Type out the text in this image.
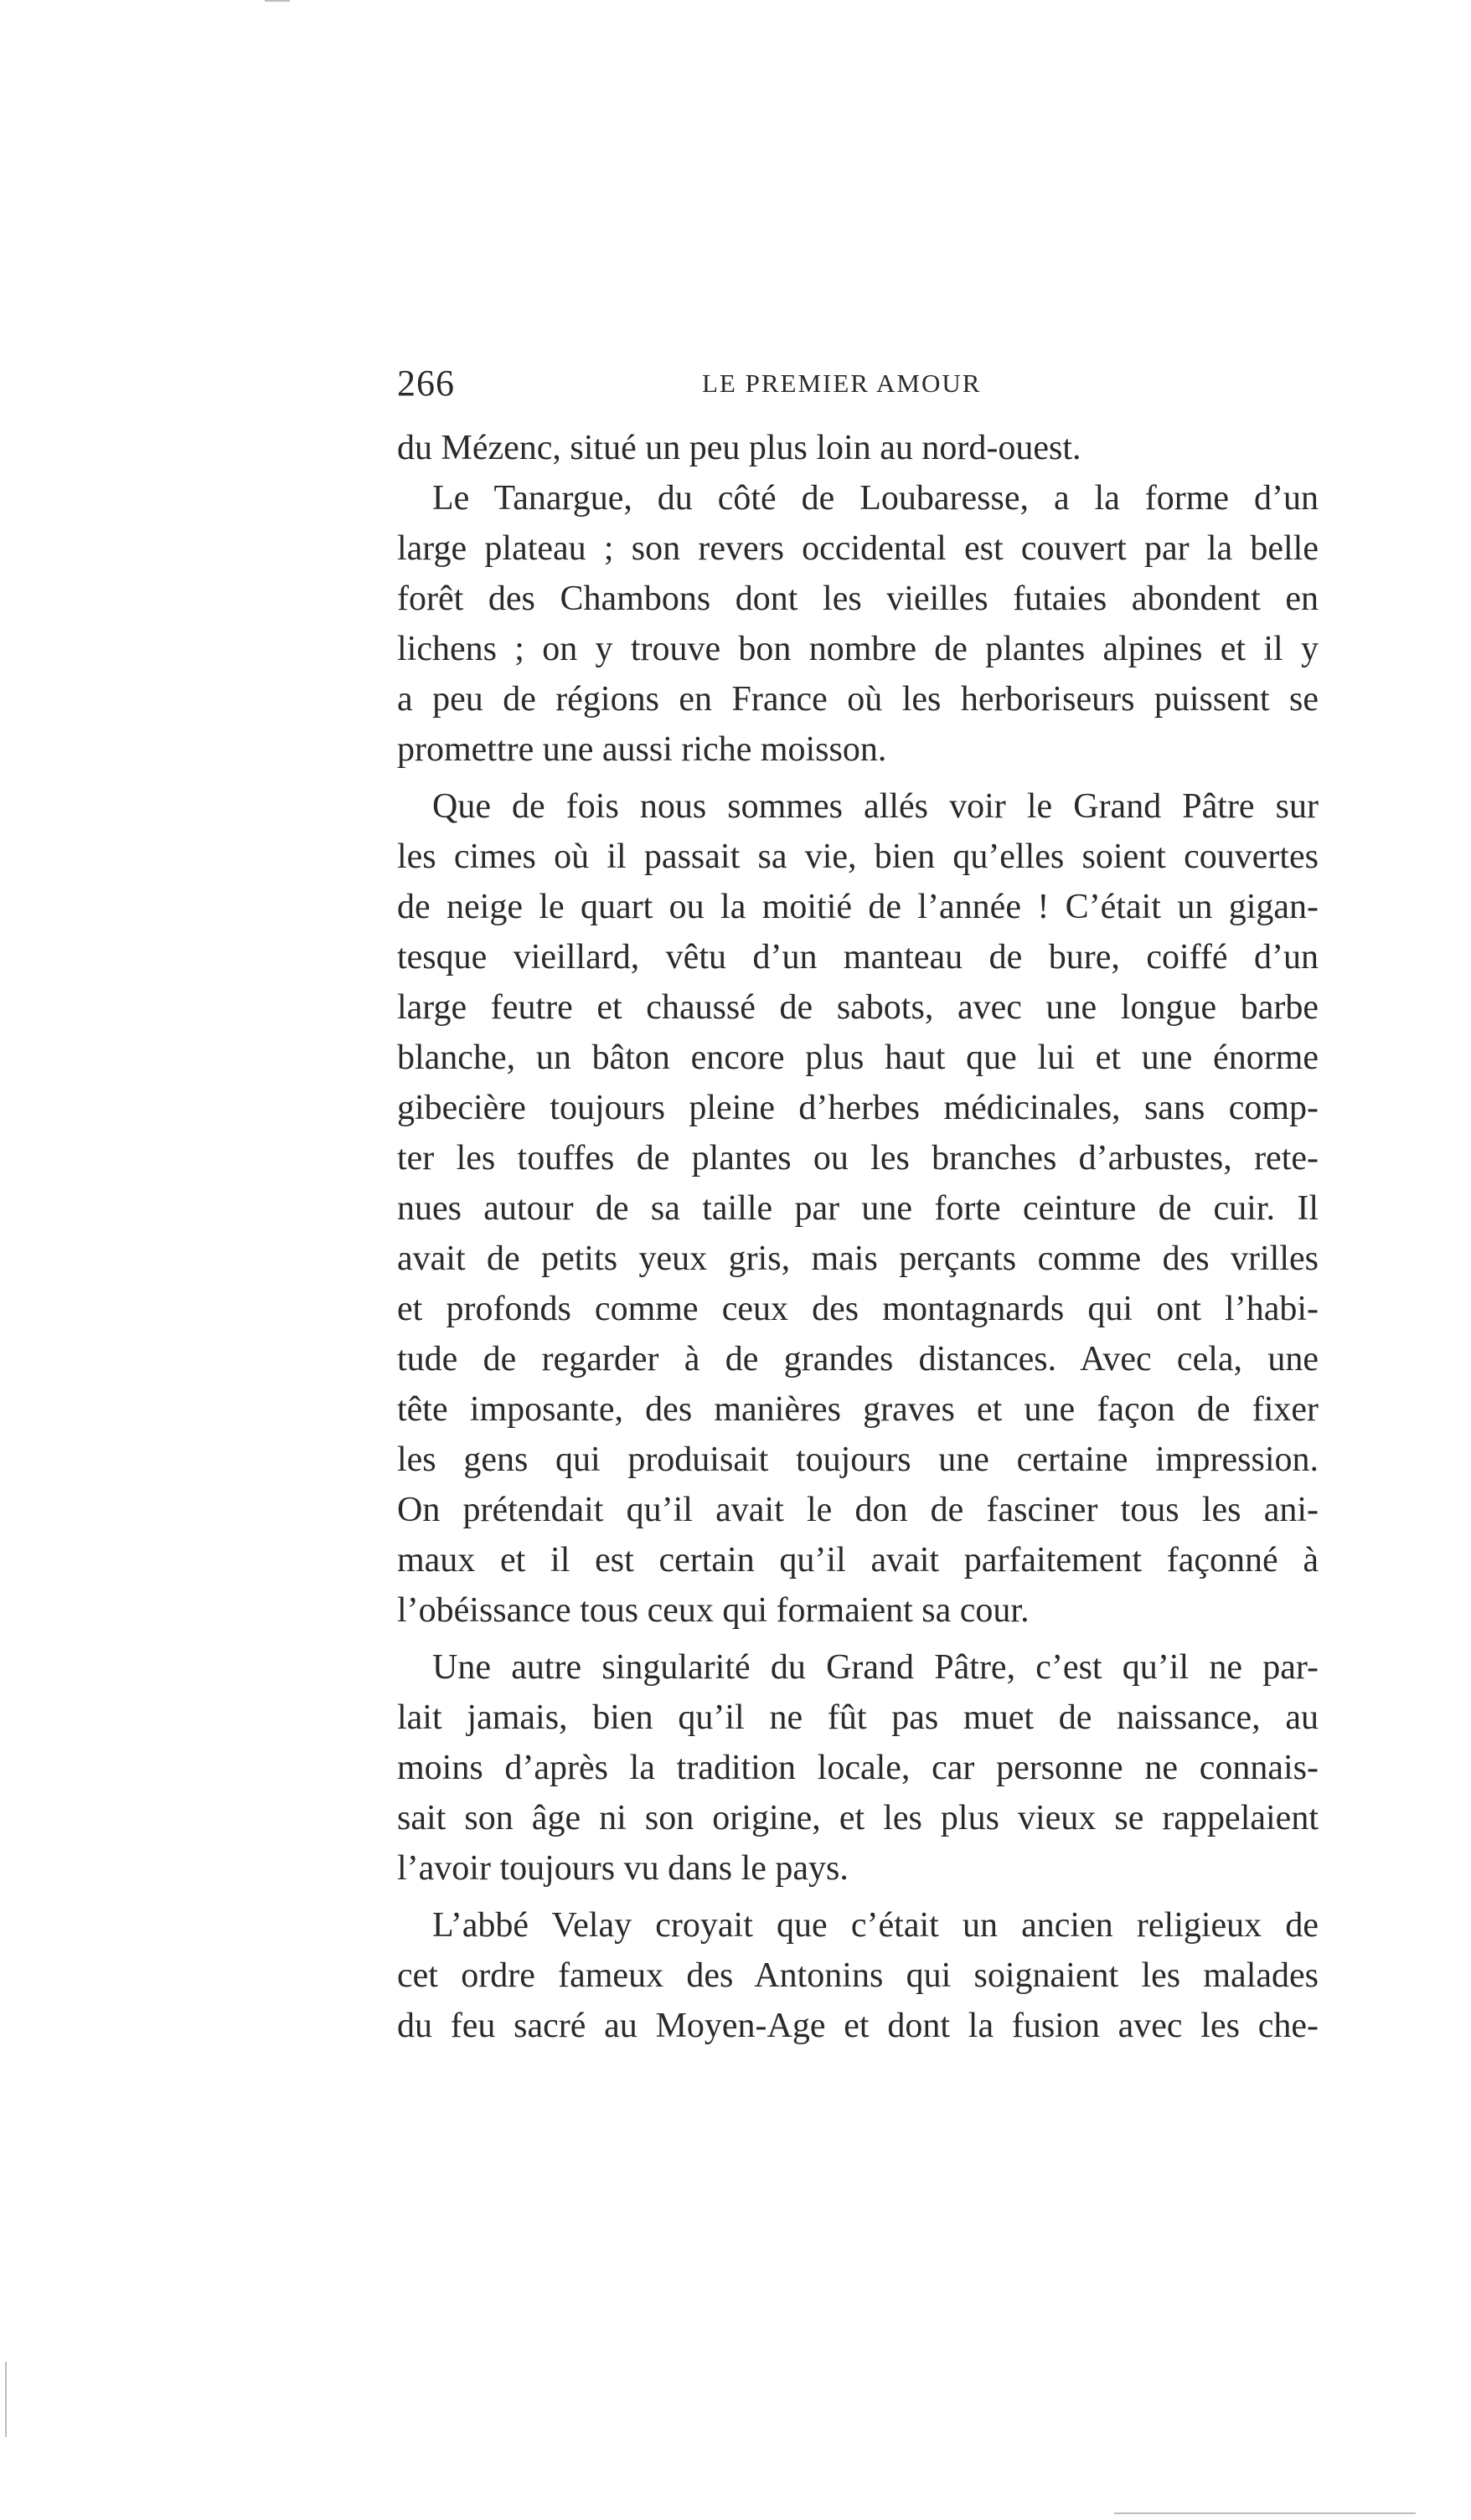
266	LE PREMIER AMOUR
du Mézenc, situé un peu plus loin au nord-ouest.
Le Tanargue, du côté de Loubaresse, a la forme d’un
large plateau ; son revers occidental est couvert par la belle
forêt des Chambons dont les vieilles futaies abondent en
lichens ; on y trouve bon nombre de plantes alpines et il y
a peu de régions en France où les herboriseurs puissent se
promettre une aussi riche moisson.
Que de fois nous sommes allés voir le Grand Pâtre sur
les cimes où il passait sa vie, bien qu’elles soient couvertes
de neige le quart ou la moitié de l’année ! C’était un gigan-
tesque vieillard, vêtu d’un manteau de bure, coiffé d’un
large feutre et chaussé de sabots, avec une longue barbe
blanche, un bâton encore plus haut que lui et une énorme
gibecière toujours pleine d’herbes médicinales, sans comp-
ter les touffes de plantes ou les branches d’arbustes, rete-
nues autour de sa taille par une forte ceinture de cuir. Il
avait de petits yeux gris, mais perçants comme des vrilles
et profonds comme ceux des montagnards qui ont l’habi-
tude de regarder à de grandes distances. Avec cela, une
tête imposante, des manières graves et une façon de fixer
les gens qui produisait toujours une certaine impression.
On prétendait qu’il avait le don de fasciner tous les ani-
maux et il est certain qu’il avait parfaitement façonné à
l’obéissance tous ceux qui formaient sa cour.
Une autre singularité du Grand Pâtre, c’est qu’il ne par-
lait jamais, bien qu’il ne fût pas muet de naissance, au
moins d’après la tradition locale, car personne ne connais-
sait son âge ni son origine, et les plus vieux se rappelaient
l’avoir toujours vu dans le pays.
L’abbé Velay croyait que c’était un ancien religieux de
cet ordre fameux des Antonins qui soignaient les malades
du feu sacré au Moyen-Age et dont la fusion avec les che-
